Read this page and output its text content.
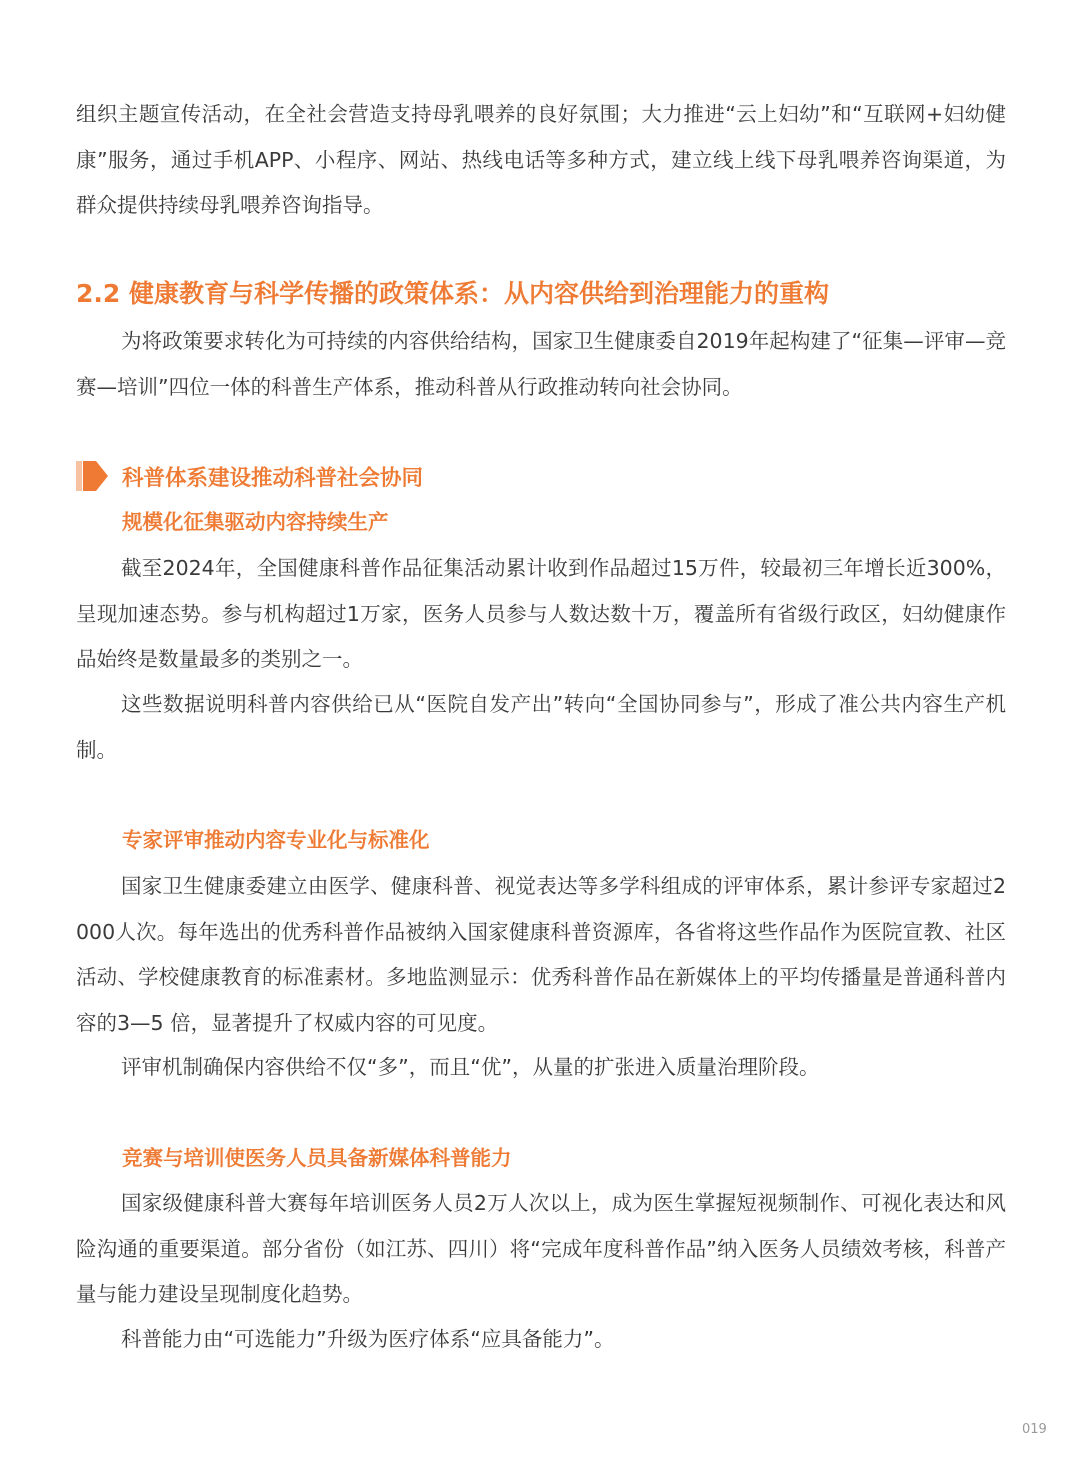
组织主题宣传活动，在全社会营造支持母乳喂养的良好氛围；大力推进“云上妇幼”和“互联网+妇幼健康”服务，通过手机APP、小程序、网站、热线电话等多种方式，建立线上线下母乳喂养咨询渠道，为群众提供持续母乳喂养咨询指导。

2.2 健康教育与科学传播的政策体系：从内容供给到治理能力的重构

为将政策要求转化为可持续的内容供给结构，国家卫生健康委自2019年起构建了“征集—评审—竞赛—培训”四位一体的科普生产体系，推动科普从行政推动转向社会协同。

科普体系建设推动科普社会协同
规模化征集驱动内容持续生产

截至2024年，全国健康科普作品征集活动累计收到作品超过15万件，较最初三年增长近300%，呈现加速态势。参与机构超过1万家，医务人员参与人数达数十万，覆盖所有省级行政区，妇幼健康作品始终是数量最多的类别之一。

这些数据说明科普内容供给已从“医院自发产出”转向“全国协同参与”，形成了准公共内容生产机制。

专家评审推动内容专业化与标准化

国家卫生健康委建立由医学、健康科普、视觉表达等多学科组成的评审体系，累计参评专家超过2000人次。每年选出的优秀科普作品被纳入国家健康科普资源库，各省将这些作品作为医院宣教、社区活动、学校健康教育的标准素材。多地监测显示：优秀科普作品在新媒体上的平均传播量是普通科普内容的3—5 倍，显著提升了权威内容的可见度。

评审机制确保内容供给不仅“多”，而且“优”，从量的扩张进入质量治理阶段。

竞赛与培训使医务人员具备新媒体科普能力

国家级健康科普大赛每年培训医务人员2万人次以上，成为医生掌握短视频制作、可视化表达和风险沟通的重要渠道。部分省份（如江苏、四川）将“完成年度科普作品”纳入医务人员绩效考核，科普产量与能力建设呈现制度化趋势。

科普能力由“可选能力”升级为医疗体系“应具备能力”。

019
